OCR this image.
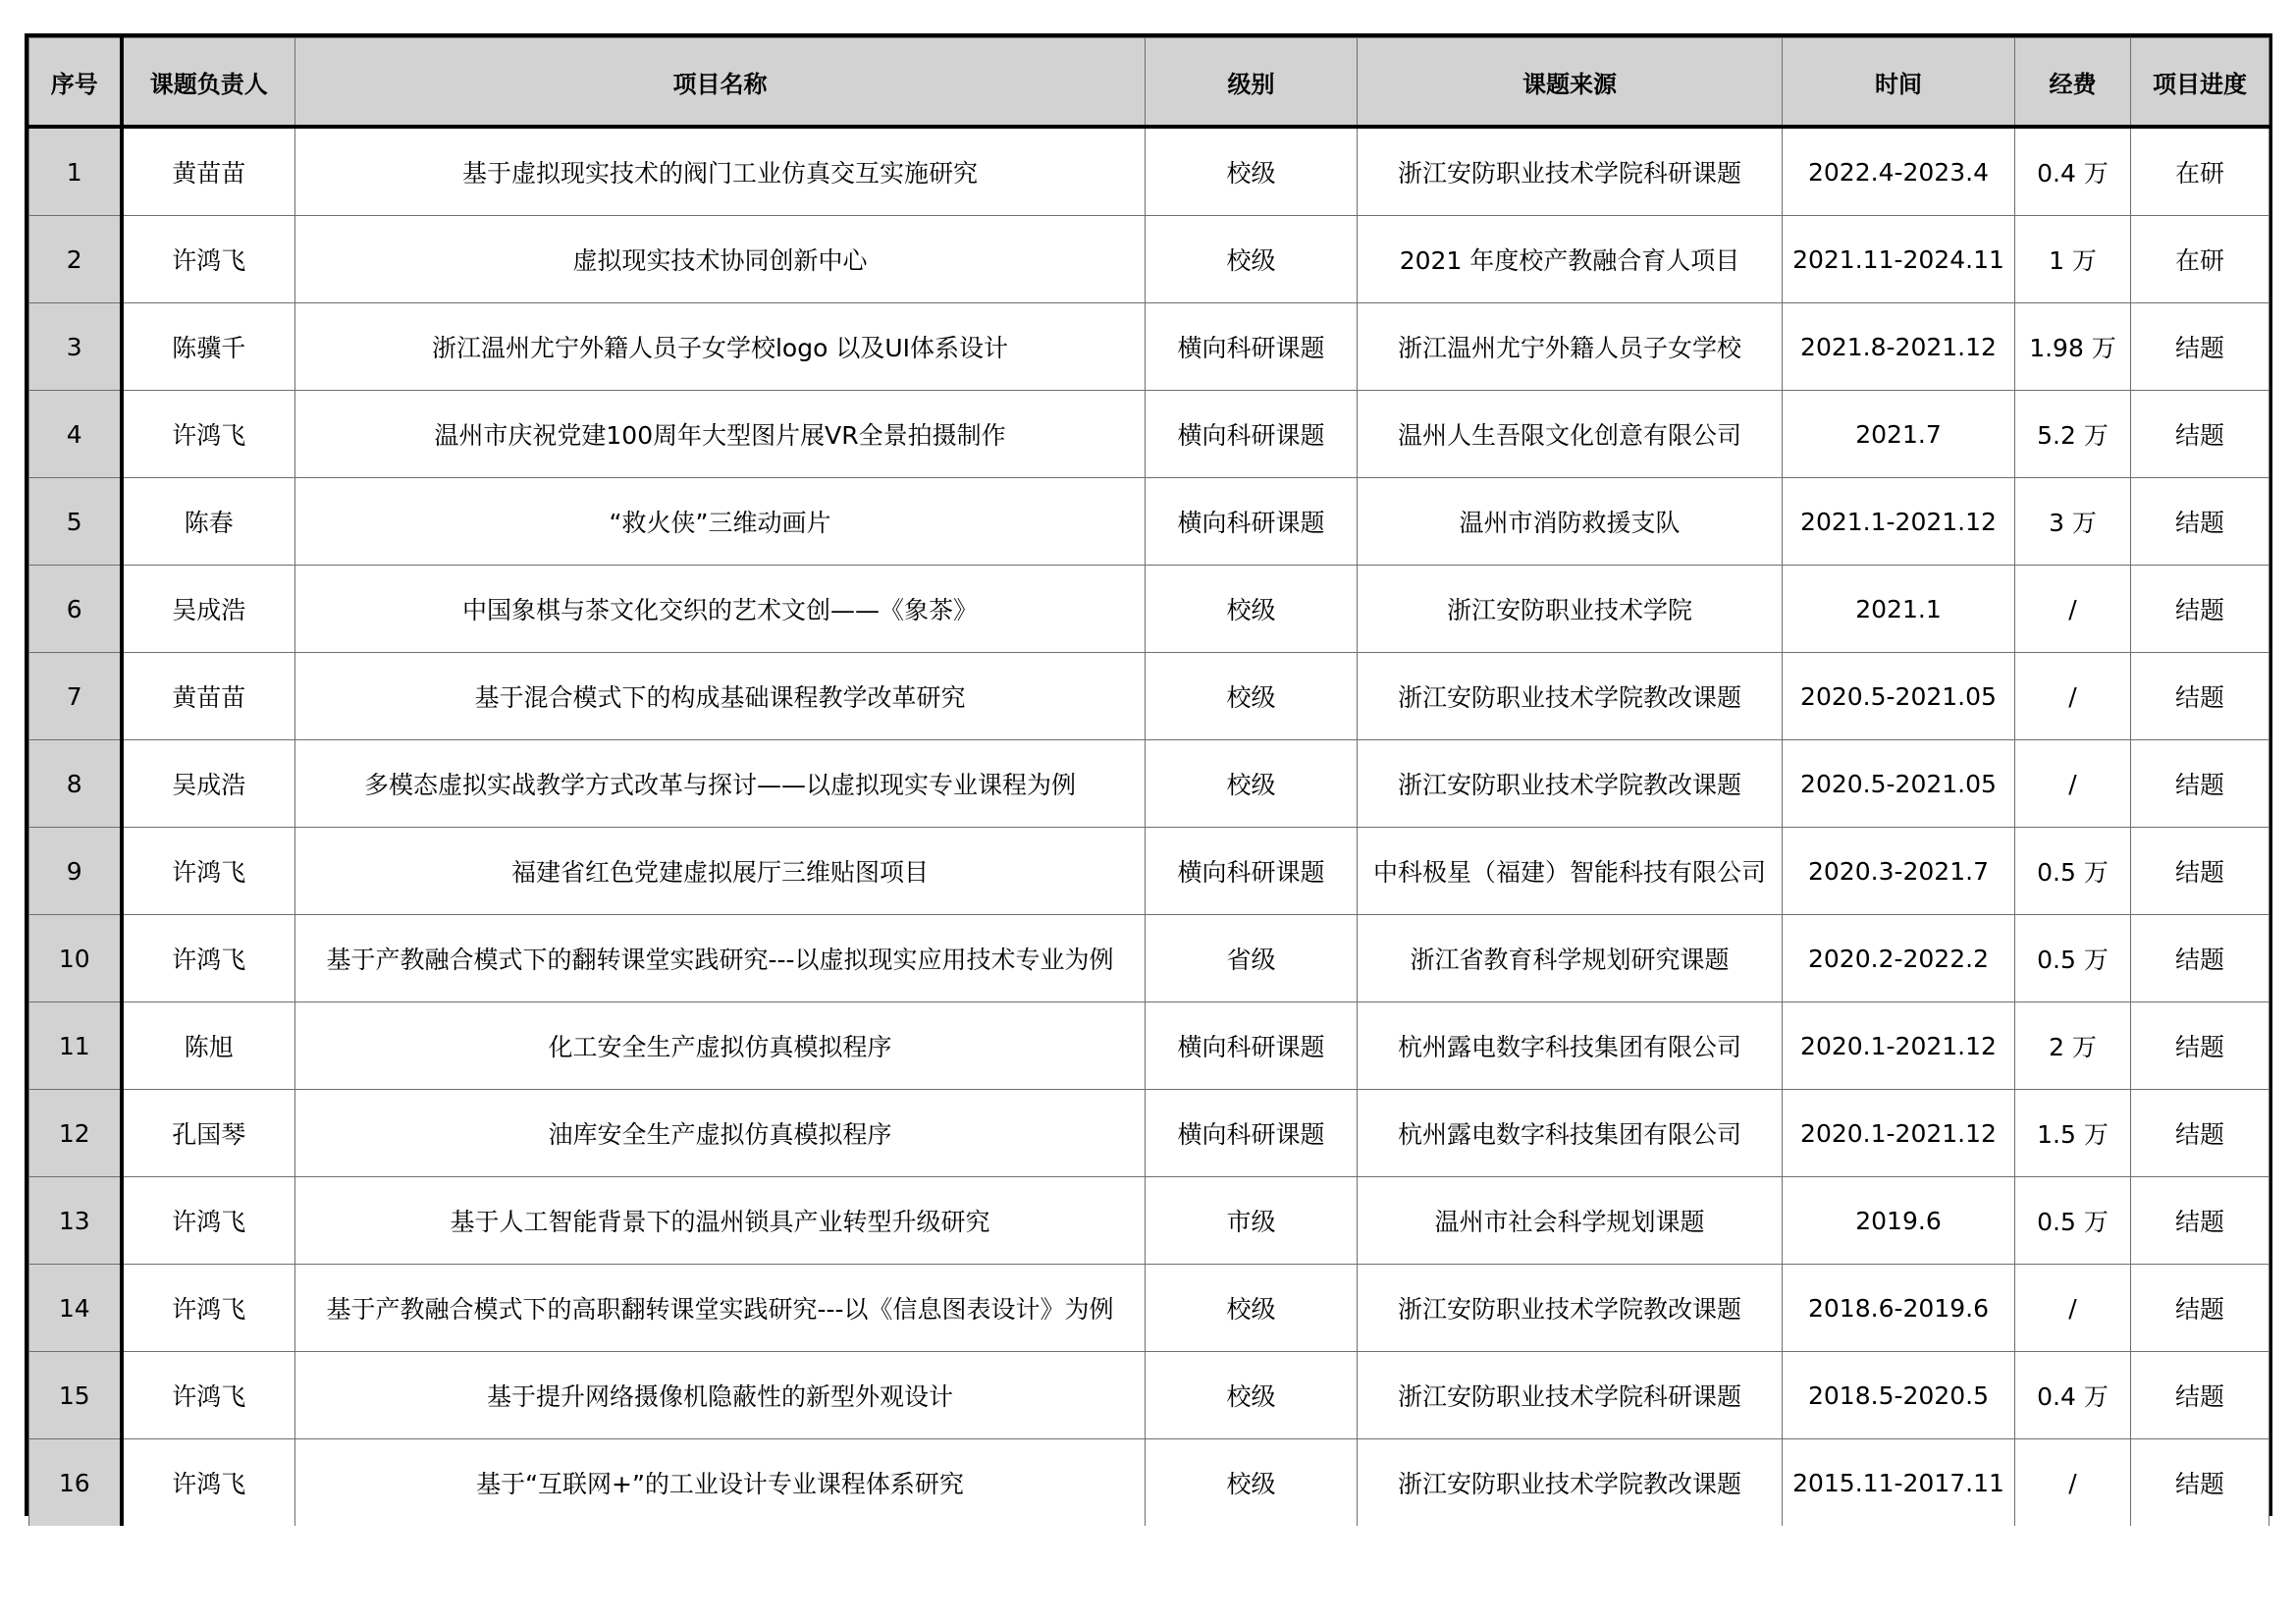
序号	课题负责人	项目名称	级别	课题来源	时间	经费	项目进度
1	黄苗苗	基于虚拟现实技术的阀门工业仿真交互实施研究	校级	浙江安防职业技术学院科研课题	2022.4-2023.4	0.4 万	在研
2	许鸿飞	虚拟现实技术协同创新中心	校级	2021 年度校产教融合育人项目	2021.11-2024.11	1 万	在研
3	陈骥千	浙江温州尤宁外籍人员子女学校logo 以及UI体系设计	横向科研课题	浙江温州尤宁外籍人员子女学校	2021.8-2021.12	1.98 万	结题
4	许鸿飞	温州市庆祝党建100周年大型图片展VR全景拍摄制作	横向科研课题	温州人生吾限文化创意有限公司	2021.7	5.2 万	结题
5	陈春	“救火侠”三维动画片	横向科研课题	温州市消防救援支队	2021.1-2021.12	3 万	结题
6	吴成浩	中国象棋与茶文化交织的艺术文创——《象茶》	校级	浙江安防职业技术学院	2021.1	/	结题
7	黄苗苗	基于混合模式下的构成基础课程教学改革研究	校级	浙江安防职业技术学院教改课题	2020.5-2021.05	/	结题
8	吴成浩	多模态虚拟实战教学方式改革与探讨——以虚拟现实专业课程为例	校级	浙江安防职业技术学院教改课题	2020.5-2021.05	/	结题
9	许鸿飞	福建省红色党建虚拟展厅三维贴图项目	横向科研课题	中科极星（福建）智能科技有限公司	2020.3-2021.7	0.5 万	结题
10	许鸿飞	基于产教融合模式下的翻转课堂实践研究---以虚拟现实应用技术专业为例	省级	浙江省教育科学规划研究课题	2020.2-2022.2	0.5 万	结题
11	陈旭	化工安全生产虚拟仿真模拟程序	横向科研课题	杭州露电数字科技集团有限公司	2020.1-2021.12	2 万	结题
12	孔国琴	油库安全生产虚拟仿真模拟程序	横向科研课题	杭州露电数字科技集团有限公司	2020.1-2021.12	1.5 万	结题
13	许鸿飞	基于人工智能背景下的温州锁具产业转型升级研究	市级	温州市社会科学规划课题	2019.6	0.5 万	结题
14	许鸿飞	基于产教融合模式下的高职翻转课堂实践研究---以《信息图表设计》为例	校级	浙江安防职业技术学院教改课题	2018.6-2019.6	/	结题
15	许鸿飞	基于提升网络摄像机隐蔽性的新型外观设计	校级	浙江安防职业技术学院科研课题	2018.5-2020.5	0.4 万	结题
16	许鸿飞	基于“互联网+”的工业设计专业课程体系研究	校级	浙江安防职业技术学院教改课题	2015.11-2017.11	/	结题
